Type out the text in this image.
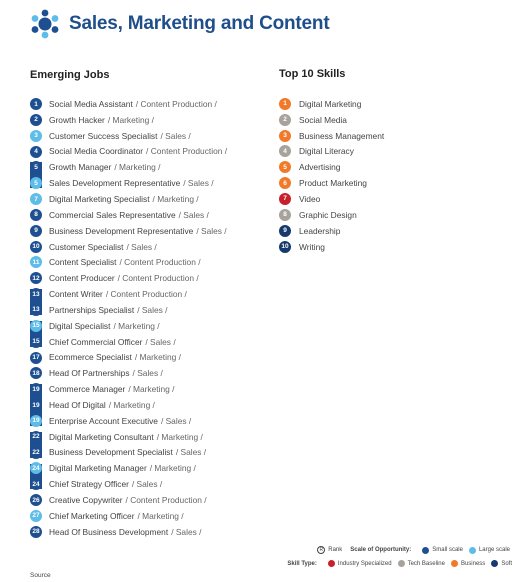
Sales, Marketing and Content
Emerging Jobs	Top 10 Skills
1	Social Media Assistant / Content Production /
2	Growth Hacker / Marketing /
3	Customer Success Specialist / Sales /
4	Social Media Coordinator / Content Production /
5	Growth Manager / Marketing /
5	Sales Development Representative / Sales /
7	Digital Marketing Specialist / Marketing /
8	Commercial Sales Representative / Sales /
9	Business Development Representative / Sales /
10 Customer Specialist / Sales /
11	Content Specialist / Content Production /
12 Content Producer / Content Production /
13 Content Writer / Content Production /
13 Partnerships Specialist / Sales /
15 Digital Specialist / Marketing /
15 Chief Commercial Officer / Sales /
17 Ecommerce Specialist / Marketing /
18 Head Of Partnerships / Sales /
19 Commerce Manager / Marketing /
19 Head Of Digital / Marketing /
19 Enterprise Account Executive / Sales /
22 Digital Marketing Consultant / Marketing /
22 Business Development Specialist / Sales /
24 Digital Marketing Manager / Marketing /
24 Chief Strategy Officer / Sales /
26 Creative Copywriter / Content Production /
27 Chief Marketing Officer / Marketing /
28 Head Of Business Development / Sales /
1	Digital Marketing
2	Social Media
3	Business Management
4	Digital Literacy
5	Advertising
6	Product Marketing
7	Video
8	Graphic Design
9	Leadership
10 Writing
R Rank Scale of Opportunity:	Small scale	Large scale
Skill Type:	Industry Specialized	Tech Baseline	Business	Soft
Source
